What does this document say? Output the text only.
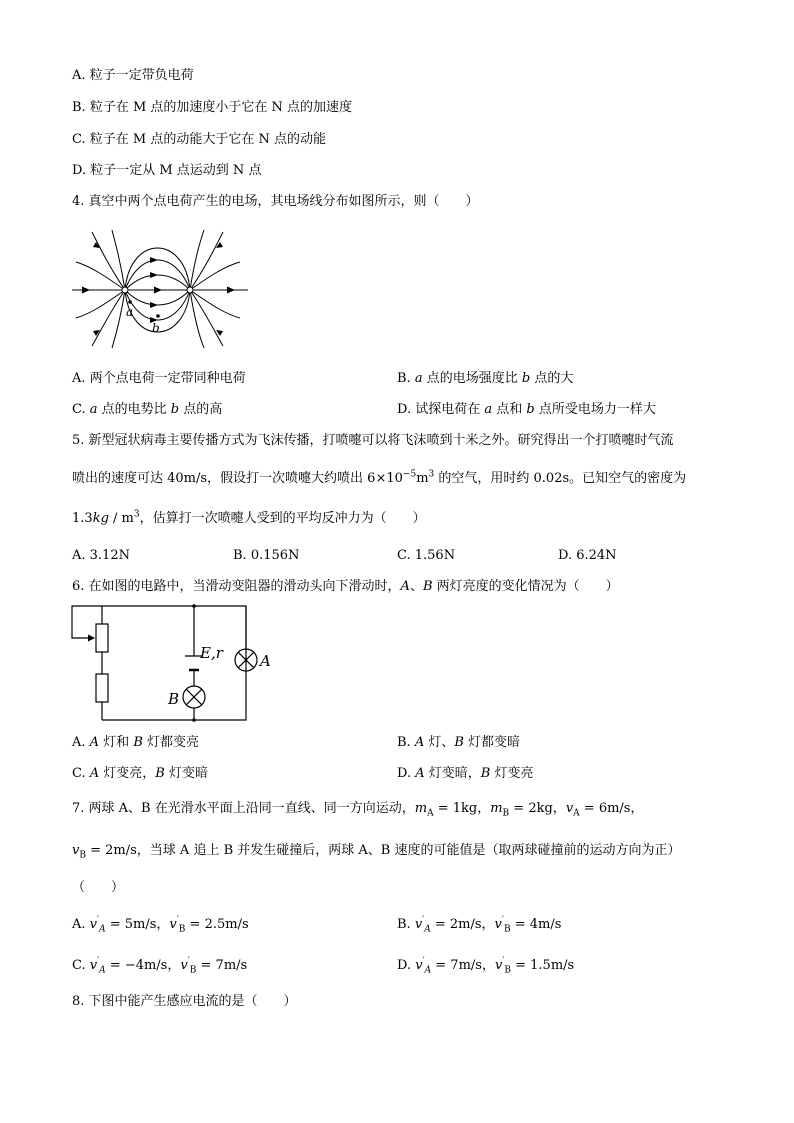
A. 粒子一定带负电荷
B. 粒子在 M 点的加速度小于它在 N 点的加速度
C. 粒子在 M 点的动能大于它在 N 点的动能
D. 粒子一定从 M 点运动到 N 点
4. 真空中两个点电荷产生的电场，其电场线分布如图所示，则（　　）
a
b
A. 两个点电荷一定带同种电荷	B. a 点的电场强度比 b 点的大
C. a 点的电势比 b 点的高	D. 试探电荷在 a 点和 b 点所受电场力一样大
5. 新型冠状病毒主要传播方式为飞沫传播，打喷嚏可以将飞沫喷到十米之外。研究得出一个打喷嚏时气流
喷出的速度可达 40m/s，假设打一次喷嚏大约喷出 $6\times 10^{-5}m^3$ 的空气，用时约 0.02s。已知空气的密度为
$1.3kg / m^3$，估算打一次喷嚏人受到的平均反冲力为（　　）
A. 3.12N	B. 0.156N	C. 1.56N	D. 6.24N
6. 在如图的电路中，当滑动变阻器的滑动头向下滑动时，A、B 两灯亮度的变化情况为（　　）
E,r A
B
A. A 灯和 B 灯都变亮	B. A 灯、B 灯都变暗
C. A 灯变亮，B 灯变暗	D. A 灯变暗，B 灯变亮
7. 两球 A、B 在光滑水平面上沿同一直线、同一方向运动，$m_A = 1kg$，$m_B = 2kg$，$v_A = 6m/s$，
$v_B = 2m/s$，当球 A 追上 B 并发生碰撞后，两球 A、B 速度的可能值是（取两球碰撞前的运动方向为正）
（　　）
A. $v'_A = 5m/s$，$v'_B = 2.5m/s$	B. $v'_A = 2m/s$，$v'_B = 4m/s$
C. $v'_A = -4m/s$，$v'_B = 7m/s$	D. $v'_A = 7m/s$，$v'_B = 1.5m/s$
8. 下图中能产生感应电流的是（　　）
